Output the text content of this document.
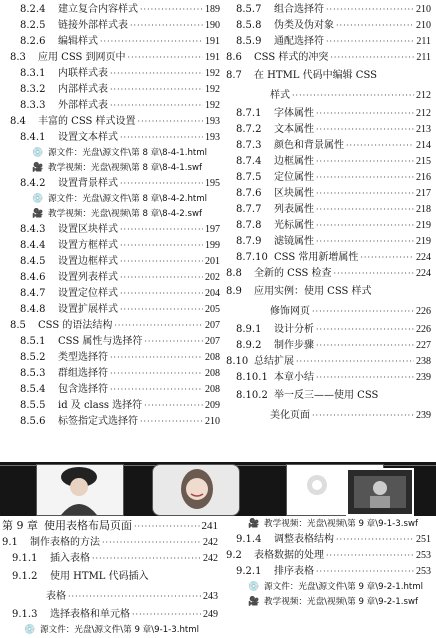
8.2.4	建立复合内容样式 ·····	189
8.2.5	链接外部样式表 ·····	190
8.2.6	编辑样式 ·····	191
8.3	应用 CSS 到网页中 ·····	191
8.3.1	内联样式表 ·····	192
8.3.2	内部样式表 ·····	192
8.3.3	外部样式表 ·····	192
8.4	丰富的 CSS 样式设置 ·····	193
8.4.1	设置文本样式 ·····	193
💿 源文件：光盘\源文件\第 8 章\8-4-1.html
🎥 教学视频：光盘\视频\第 8 章\8-4-1.swf
8.4.2	设置背景样式 ·····	195
💿 源文件：光盘\源文件\第 8 章\8-4-2.html
🎥 教学视频：光盘\视频\第 8 章\8-4-2.swf
8.4.3	设置区块样式 ·····	197
8.4.4	设置方框样式 ·····	199
8.4.5	设置边框样式 ·····	201
8.4.6	设置列表样式 ·····	202
8.4.7	设置定位样式 ·····	204
8.4.8	设置扩展样式 ·····	205
8.5	CSS 的语法结构 ·····	207
8.5.1	CSS 属性与选择符 ·····	207
8.5.2	类型选择符 ·····	208
8.5.3	群组选择符 ·····	208
8.5.4	包含选择符 ·····	208
8.5.5	id 及 class 选择符 ·····	209
8.5.6	标签指定式选择符 ·····	210
8.5.7	组合选择符 ·····	210
8.5.8	伪类及伪对象 ·····	210
8.5.9	通配选择符 ·····	211
8.6	CSS 样式的冲突 ·····	211
8.7	在 HTML 代码中编辑 CSS
样式 ·····	212
8.7.1	字体属性 ·····	212
8.7.2	文本属性 ·····	213
8.7.3	颜色和背景属性 ·····	214
8.7.4	边框属性 ·····	215
8.7.5	定位属性 ·····	216
8.7.6	区块属性 ·····	217
8.7.7	列表属性 ·····	218
8.7.8	光标属性 ·····	219
8.7.9	滤镜属性 ·····	219
8.7.10 CSS 常用新增属性 ·····	224
8.8	全新的 CSS 检查 ·····	224
8.9	应用实例：使用 CSS 样式
修饰网页 ·····	226
8.9.1	设计分析 ·····	226
8.9.2	制作步骤 ·····	227
8.10 总结扩展 ·····	238
8.10.1 本章小结 ·····	239
8.10.2 举一反三——使用 CSS
美化页面 ·····	239
第 9 章 使用表格布局页面 ·····	241
9.1	制作表格的方法 ·····	242
9.1.1	插入表格 ·····	242
9.1.2	使用 HTML 代码插入
表格 ·····	243
9.1.3	选择表格和单元格 ·····	249
💿 源文件：光盘\源文件\第 9 章\9-1-3.html
🎥 教学视频：光盘\视频\第 9 章\9-1-3.swf
9.1.4	调整表格结构 ·····	251
9.2	表格数据的处理 ·····	253
9.2.1	排序表格 ·····	253
💿 源文件：光盘\源文件\第 9 章\9-2-1.html
🎥 教学视频：光盘\视频\第 9 章\9-2-1.swf
